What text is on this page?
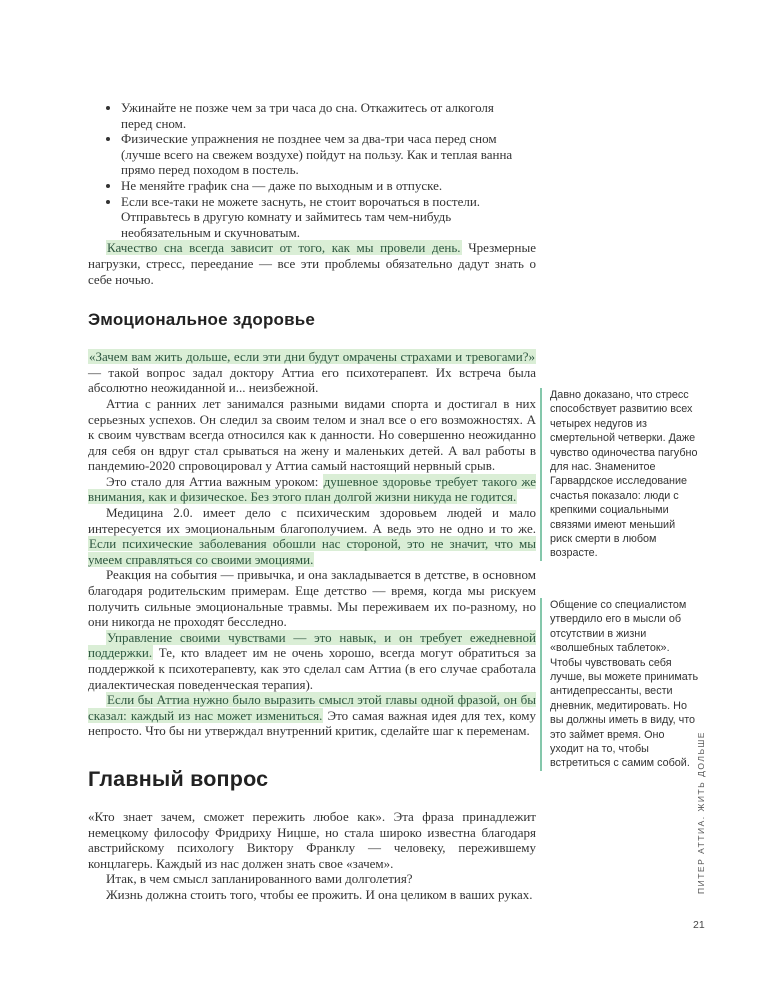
• Ужинайте не позже чем за три часа до сна. Откажитесь от алкоголя перед сном.
• Физические упражнения не позднее чем за два-три часа перед сном (лучше всего на свежем воздухе) пойдут на пользу. Как и теплая ванна прямо перед походом в постель.
• Не меняйте график сна — даже по выходным и в отпуске.
• Если все-таки не можете заснуть, не стоит ворочаться в постели. Отправьтесь в другую комнату и займитесь там чем-нибудь необязательным и скучноватым.

Качество сна всегда зависит от того, как мы провели день. Чрезмерные нагрузки, стресс, переедание — все эти проблемы обязательно дадут знать о себе ночью.

Эмоциональное здоровье

«Зачем вам жить дольше, если эти дни будут омрачены страхами и тревогами?» — такой вопрос задал доктору Аттиа его психотерапевт. Их встреча была абсолютно неожиданной и... неизбежной.

Аттиа с ранних лет занимался разными видами спорта и достигал в них серьезных успехов. Он следил за своим телом и знал все о его возможностях. А к своим чувствам всегда относился как к данности. Но совершенно неожиданно для себя он вдруг стал срываться на жену и маленьких детей. А вал работы в пандемию-2020 спровоцировал у Аттиа самый настоящий нервный срыв.

Это стало для Аттиа важным уроком: душевное здоровье требует такого же внимания, как и физическое. Без этого план долгой жизни никуда не годится.

Медицина 2.0. имеет дело с психическим здоровьем людей и мало интересуется их эмоциональным благополучием. А ведь это не одно и то же. Если психические заболевания обошли нас стороной, это не значит, что мы умеем справляться со своими эмоциями.

Реакция на события — привычка, и она закладывается в детстве, в основном благодаря родительским примерам. Еще детство — время, когда мы рискуем получить сильные эмоциональные травмы. Мы переживаем их по-разному, но они никогда не проходят бесследно.

Управление своими чувствами — это навык, и он требует ежедневной поддержки. Те, кто владеет им не очень хорошо, всегда могут обратиться за поддержкой к психотерапевту, как это сделал сам Аттиа (в его случае сработала диалектическая поведенческая терапия).

Если бы Аттиа нужно было выразить смысл этой главы одной фразой, он бы сказал: каждый из нас может измениться. Это самая важная идея для тех, кому непросто. Что бы ни утверждал внутренний критик, сделайте шаг к переменам.

Главный вопрос

«Кто знает зачем, сможет пережить любое как». Эта фраза принадлежит немецкому философу Фридриху Ницше, но стала широко известна благодаря австрийскому психологу Виктору Франклу — человеку, пережившему концлагерь. Каждый из нас должен знать свое «зачем».

Итак, в чем смысл запланированного вами долголетия?

Жизнь должна стоить того, чтобы ее прожить. И она целиком в ваших руках.

Давно доказано, что стресс способствует развитию всех четырех недугов из смертельной четверки. Даже чувство одиночества пагубно для нас. Знаменитое Гарвардское исследование счастья показало: люди с крепкими социальными связями имеют меньший риск смерти в любом возрасте.
Общение со специалистом утвердило его в мысли об отсутствии в жизни «волшебных таблеток». Чтобы чувствовать себя лучше, вы можете принимать антидепрессанты, вести дневник, медитировать. Но вы должны иметь в виду, что это займет время. Оно уходит на то, чтобы встретиться с самим собой. ПИТЕР АТТИА. ЖИТЬ ДОЛЬШЕ
21
